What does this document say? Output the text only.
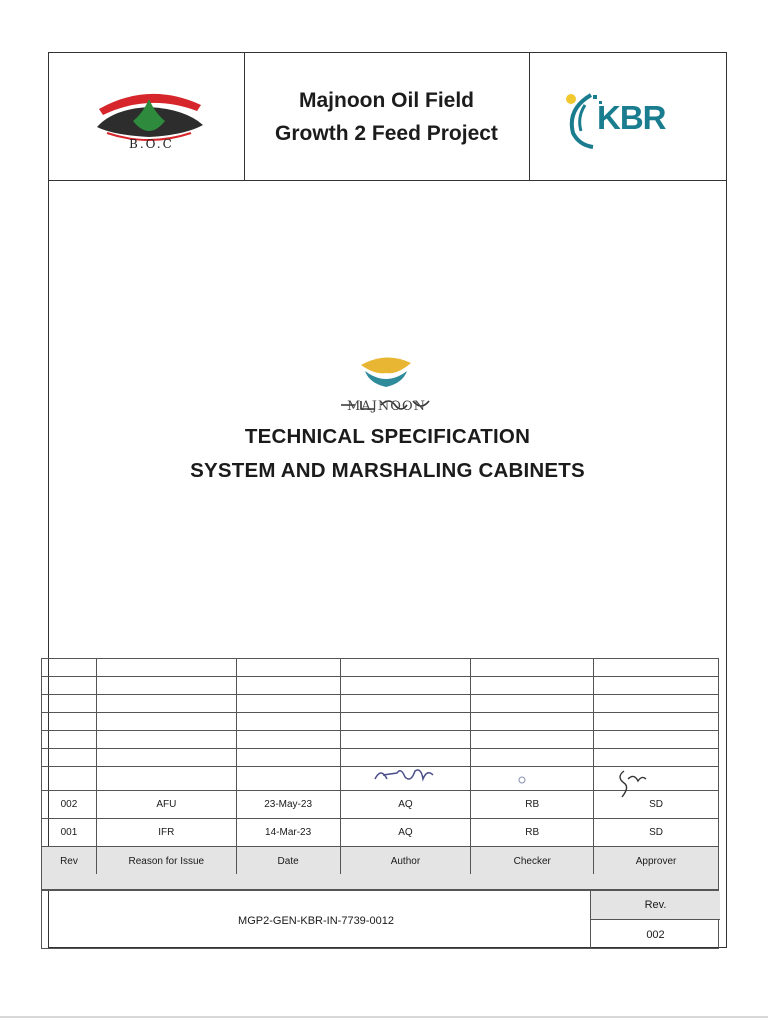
B.O.C
Majnoon Oil Field
Growth 2 Feed Project	KBR
MAJNOON
TECHNICAL SPECIFICATION
SYSTEM AND MARSHALING CABINETS

002	AFU	23-May-23	AQ	RB	SD
001	IFR	14-Mar-23	AQ	RB	SD
Rev	Reason for Issue	Date	Author	Checker	Approver
MGP2-GEN-KBR-IN-7739-0012
Rev.
002
